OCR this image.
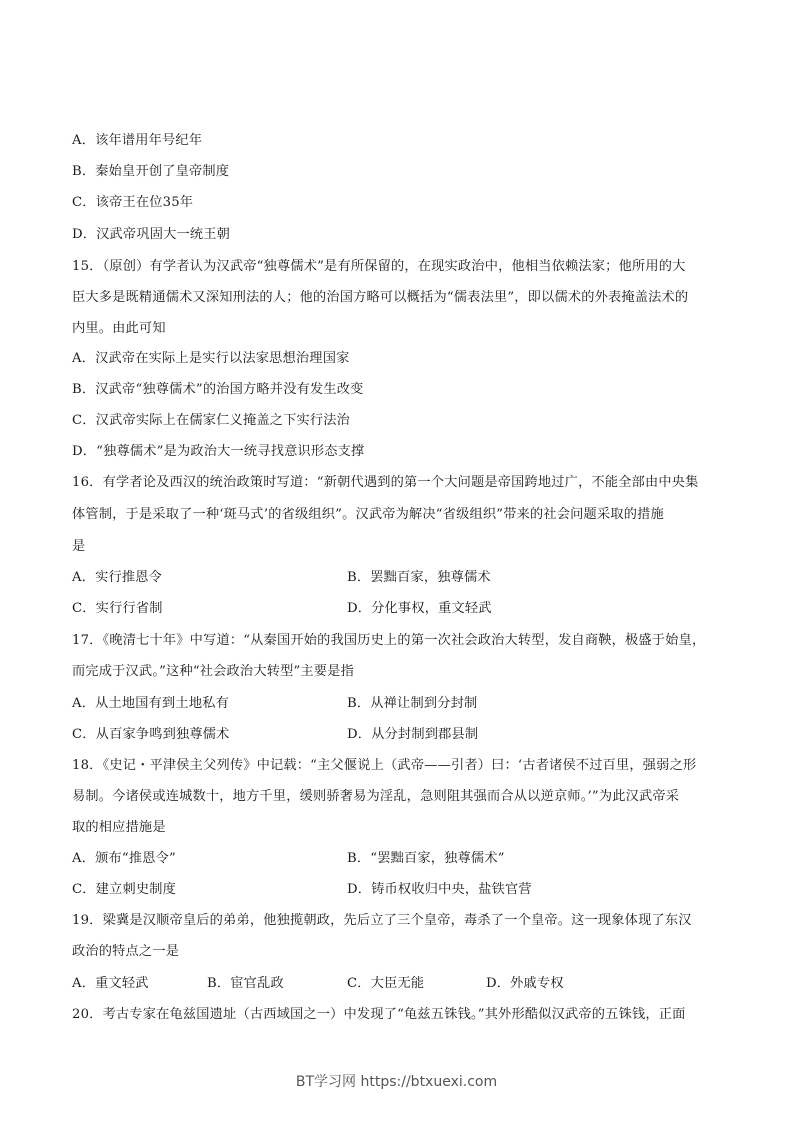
A．该年谱用年号纪年
B．秦始皇开创了皇帝制度
C．该帝王在位35年
D．汉武帝巩固大一统王朝
15．（原创）有学者认为汉武帝“独尊儒术”是有所保留的，在现实政治中，他相当依赖法家；他所用的大
臣大多是既精通儒术又深知刑法的人；他的治国方略可以概括为“儒表法里”，即以儒术的外表掩盖法术的
内里。由此可知
A．汉武帝在实际上是实行以法家思想治理国家
B．汉武帝“独尊儒术”的治国方略并没有发生改变
C．汉武帝实际上在儒家仁义掩盖之下实行法治
D．“独尊儒术”是为政治大一统寻找意识形态支撑
16．有学者论及西汉的统治政策时写道：“新朝代遇到的第一个大问题是帝国跨地过广，不能全部由中央集
体管制，于是采取了一种‘斑马式’的省级组织”。汉武帝为解决“省级组织”带来的社会问题采取的措施
是
A．实行推恩令	B．罢黜百家，独尊儒术
C．实行行省制	D．分化事权，重文轻武
17．《晚清七十年》中写道：“从秦国开始的我国历史上的第一次社会政治大转型，发自商鞅，极盛于始皇，
而完成于汉武。”这种“社会政治大转型”主要是指
A．从土地国有到土地私有	B．从禅让制到分封制
C．从百家争鸣到独尊儒术	D．从分封制到郡县制
18．《史记・平津侯主父列传》中记载：“主父偃说上（武帝——引者）曰：‘古者诸侯不过百里，强弱之形
易制。今诸侯或连城数十，地方千里，缓则骄奢易为淫乱，急则阻其强而合从以逆京师。’”为此汉武帝采
取的相应措施是
A．颁布“推恩令”	B．“罢黜百家，独尊儒术”
C．建立刺史制度	D．铸币权收归中央，盐铁官营
19．梁冀是汉顺帝皇后的弟弟，他独揽朝政，先后立了三个皇帝，毒杀了一个皇帝。这一现象体现了东汉
政治的特点之一是
A．重文轻武	B．宦官乱政	C．大臣无能	D．外戚专权
20．考古专家在龟兹国遗址（古西域国之一）中发现了“龟兹五铢钱。”其外形酷似汉武帝的五铢钱，正面
BT学习网 https://btxuexi.com
